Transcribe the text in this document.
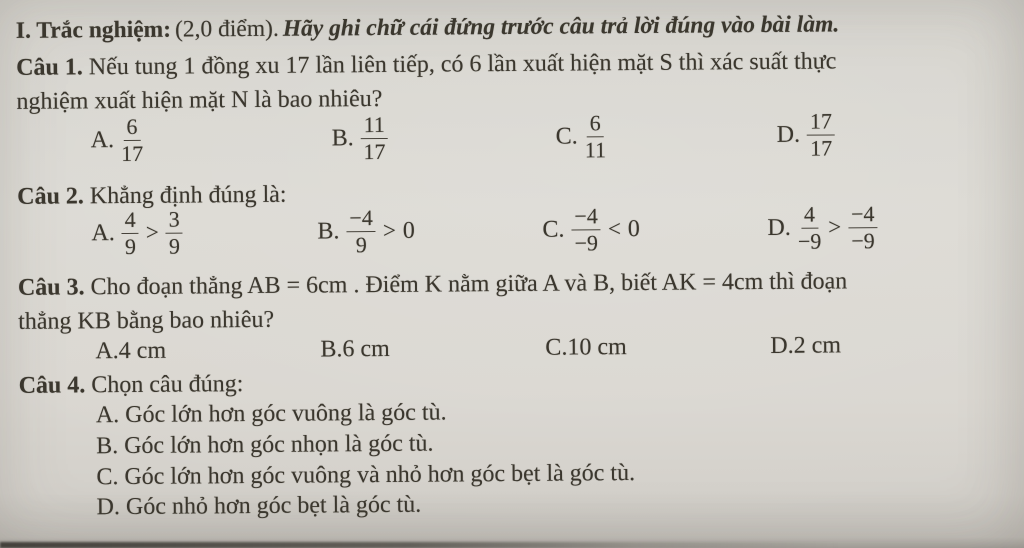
I. Trắc nghiệm: (2,0 điểm). Hãy ghi chữ cái đứng trước câu trả lời đúng vào bài làm.
Câu 1. Nếu tung 1 đồng xu 17 lần liên tiếp, có 6 lần xuất hiện mặt S thì xác suất thực
nghiệm xuất hiện mặt N là bao nhiêu?
A. $\frac{6}{17}$	B. $\frac{11}{17}$	C. $\frac{6}{11}$	D. $\frac{17}{17}$
Câu 2. Khẳng định đúng là:
A. $\frac{4}{9} > \frac{3}{9}$	B. $\frac{-4}{9} > 0$	C. $\frac{-4}{-9} < 0$	D. $\frac{4}{-9} > \frac{-4}{-9}$
Câu 3. Cho đoạn thẳng AB = 6cm . Điểm K nằm giữa A và B, biết AK = 4cm thì đoạn
thẳng KB bằng bao nhiêu?
A. 4 cm	B. 6 cm	C. 10 cm	D. 2 cm
Câu 4. Chọn câu đúng:
A. Góc lớn hơn góc vuông là góc tù.
B. Góc lớn hơn góc nhọn là góc tù.
C. Góc lớn hơn góc vuông và nhỏ hơn góc bẹt là góc tù.
D. Góc nhỏ hơn góc bẹt là góc tù.
